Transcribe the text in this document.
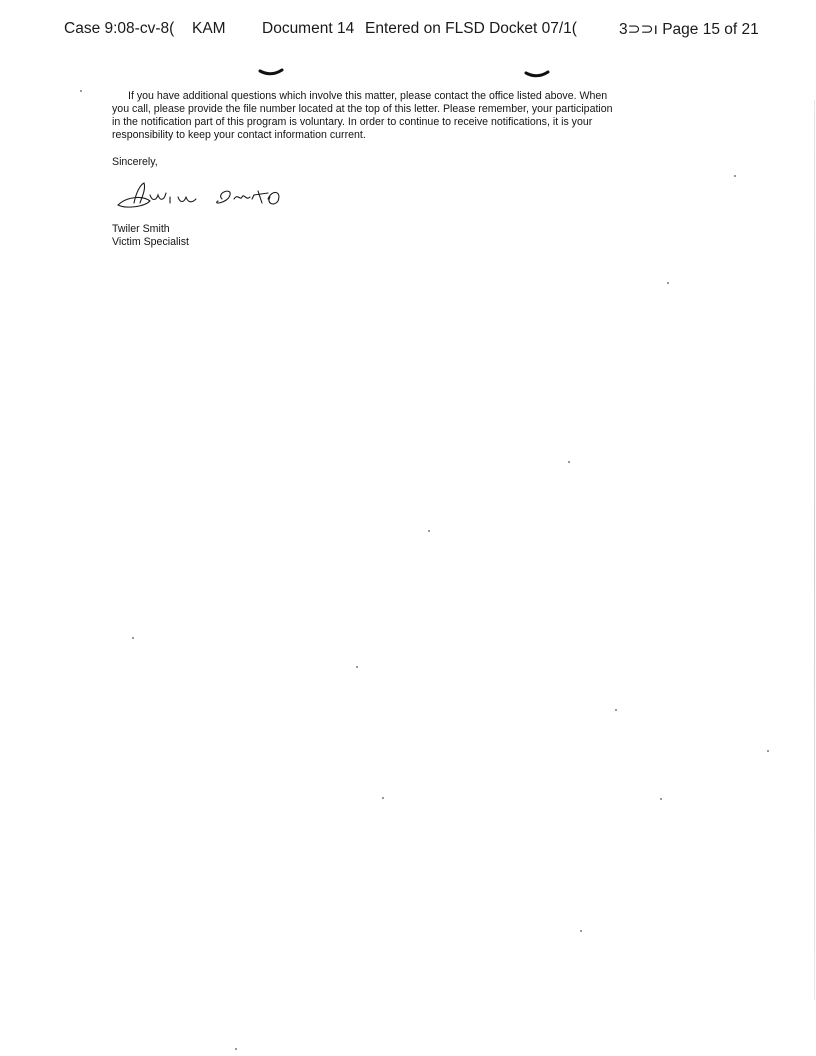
Case 9:08-cv-8( KAM Document 14 Entered on FLSD Docket 07/1(	3⊃⊃ı Page 15 of 21

If you have additional questions which involve this matter, please contact the office listed above. When
you call, please provide the file number located at the top of this letter. Please remember, your participation
in the notification part of this program is voluntary. In order to continue to receive notifications, it is your
responsibility to keep your contact information current.

Sincerely,

Twiler Smith

Victim Specialist
